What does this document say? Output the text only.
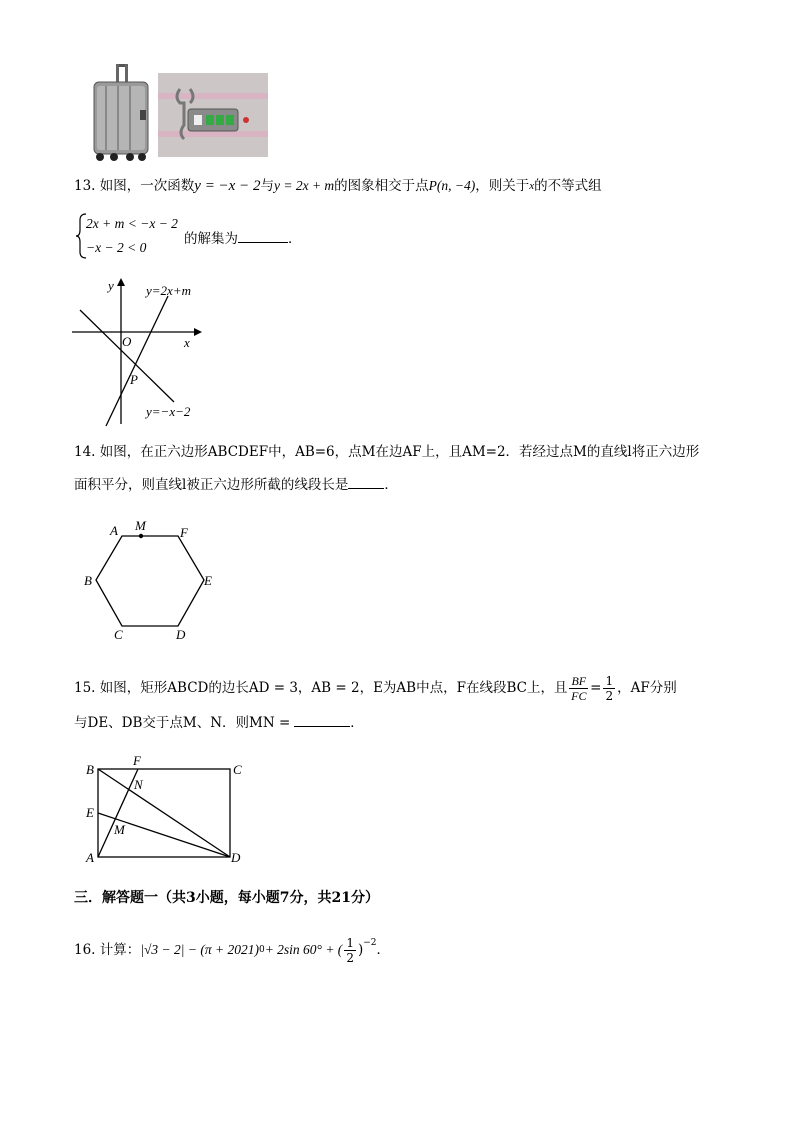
13. 如图，一次函数y = −x − 2与y = 2x + m的图象相交于点P(n, −4)，则关于$^x$的不等式组
2x + m < −x − 2
−x − 2 < 0
的解集为	．
y
x
O
P
y=2x+m
y=−x−2
14. 如图，在正六边形ABCDEF中，AB=6，点M在边AF上，且AM=2．若经过点M的直线l将正六边形
面积平分，则直线l被正六边形所截的线段长是	．
A M	F
B	E
C	D
15.
如图，矩形ABCD的边长AD = 3，AB = 2，E为AB中点，F在线段BC上，且 $\frac{BF}{FC} = \frac{1}{2}$ ，AF分别
与DE、DB交于点M、N．则MN =	．
B
F
C
N
E
M
A	D
三．解答题一（共3小题，每小题7分，共21分）
16.
计算： |√3 − 2| − (π + 2021) 0 + 2sin 60° + ( $\frac{1}{2} )^{-2}$ ．
